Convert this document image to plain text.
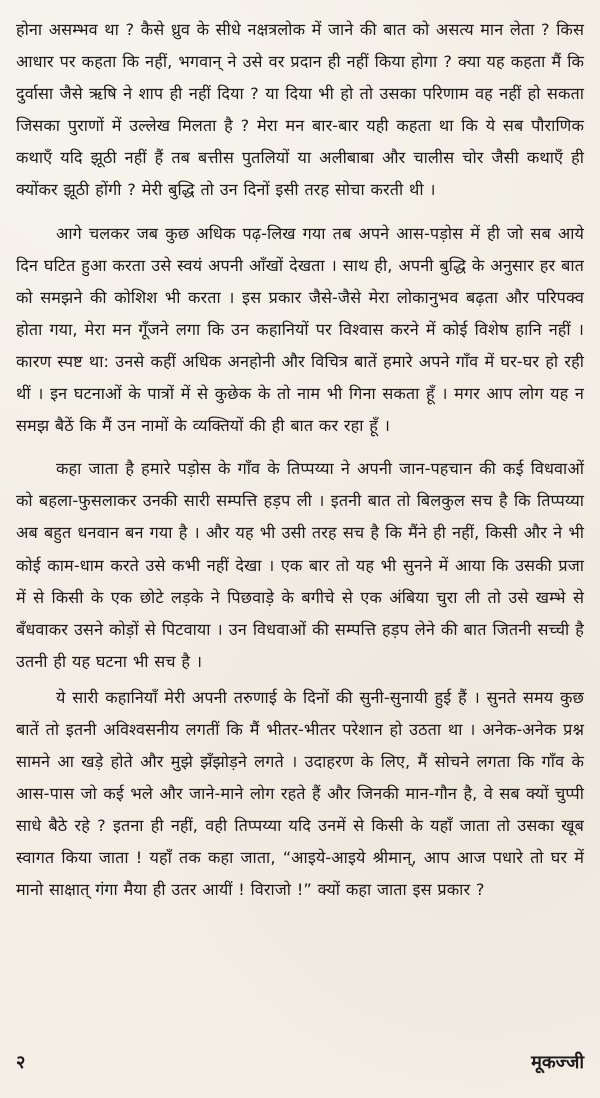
होना असम्भव था ? कैसे ध्रुव के सीधे नक्षत्रलोक में जाने की बात को असत्य मान लेता ? किस आधार पर कहता कि नहीं, भगवान् ने उसे वर प्रदान ही नहीं किया होगा ? क्या यह कहता मैं कि दुर्वासा जैसे ऋषि ने शाप ही नहीं दिया ? या दिया भी हो तो उसका परिणाम वह नहीं हो सकता जिसका पुराणों में उल्लेख मिलता है ? मेरा मन बार-बार यही कहता था कि ये सब पौराणिक कथाएँ यदि झूठी नहीं हैं तब बत्तीस पुतलियों या अलीबाबा और चालीस चोर जैसी कथाएँ ही क्योंकर झूठी होंगी ? मेरी बुद्धि तो उन दिनों इसी तरह सोचा करती थी ।

आगे चलकर जब कुछ अधिक पढ़-लिख गया तब अपने आस-पड़ोस में ही जो सब आये दिन घटित हुआ करता उसे स्वयं अपनी आँखों देखता । साथ ही, अपनी बुद्धि के अनुसार हर बात को समझने की कोशिश भी करता । इस प्रकार जैसे-जैसे मेरा लोकानुभव बढ़ता और परिपक्व होता गया, मेरा मन गूँजने लगा कि उन कहानियों पर विश्वास करने में कोई विशेष हानि नहीं । कारण स्पष्ट था: उनसे कहीं अधिक अनहोनी और विचित्र बातें हमारे अपने गाँव में घर-घर हो रही थीं । इन घटनाओं के पात्रों में से कुछेक के तो नाम भी गिना सकता हूँ । मगर आप लोग यह न समझ बैठें कि मैं उन नामों के व्यक्तियों की ही बात कर रहा हूँ ।

कहा जाता है हमारे पड़ोस के गाँव के तिप्पय्या ने अपनी जान-पहचान की कई विधवाओं को बहला-फुसलाकर उनकी सारी सम्पत्ति हड़प ली । इतनी बात तो बिलकुल सच है कि तिप्पय्या अब बहुत धनवान बन गया है । और यह भी उसी तरह सच है कि मैंने ही नहीं, किसी और ने भी कोई काम-धाम करते उसे कभी नहीं देखा । एक बार तो यह भी सुनने में आया कि उसकी प्रजा में से किसी के एक छोटे लड़के ने पिछवाड़े के बगीचे से एक अंबिया चुरा ली तो उसे खम्भे से बँधवाकर उसने कोड़ों से पिटवाया । उन विधवाओं की सम्पत्ति हड़प लेने की बात जितनी सच्ची है उतनी ही यह घटना भी सच है ।

ये सारी कहानियाँ मेरी अपनी तरुणाई के दिनों की सुनी-सुनायी हुई हैं । सुनते समय कुछ बातें तो इतनी अविश्वसनीय लगतीं कि मैं भीतर-भीतर परेशान हो उठता था । अनेक-अनेक प्रश्न सामने आ खड़े होते और मुझे झँझोड़ने लगते । उदाहरण के लिए, मैं सोचने लगता कि गाँव के आस-पास जो कई भले और जाने-माने लोग रहते हैं और जिनकी मान-गौन है, वे सब क्यों चुप्पी साधे बैठे रहे ? इतना ही नहीं, वही तिप्पय्या यदि उनमें से किसी के यहाँ जाता तो उसका खूब स्वागत किया जाता ! यहाँ तक कहा जाता, “आइये-आइये श्रीमान्, आप आज पधारे तो घर में मानो साक्षात् गंगा मैया ही उतर आयीं ! विराजो !” क्यों कहा जाता इस प्रकार ?

२	मूकज्जी
